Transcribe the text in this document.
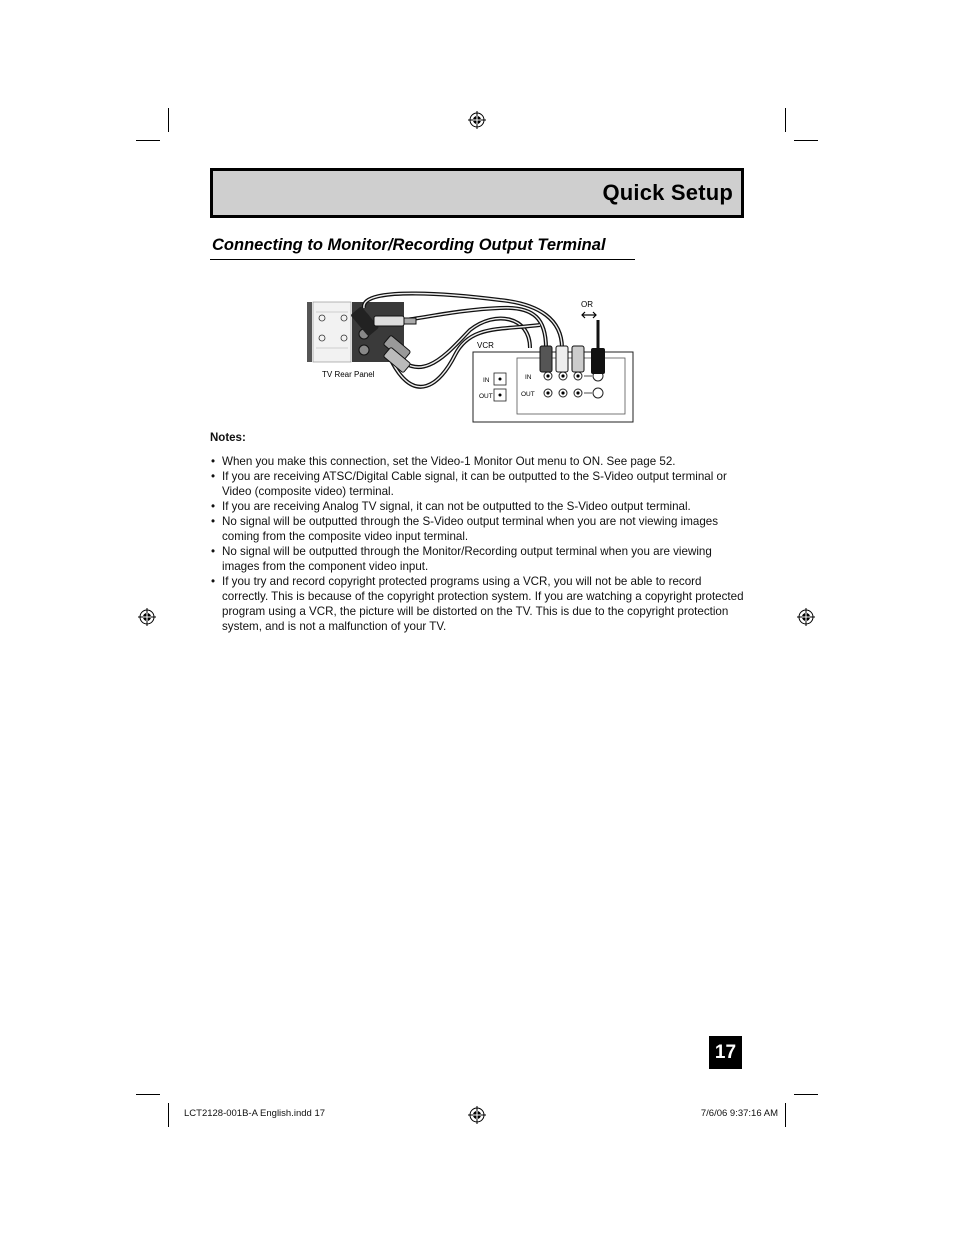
Quick Setup
Connecting to Monitor/Recording Output Terminal
TV Rear Panel
VCR
OR
IN
OUT
IN
OUT
Notes:
• When you make this connection, set the Video-1 Monitor Out menu to ON. See page 52.
• If you are receiving ATSC/Digital Cable signal, it can be outputted to the S-Video output terminal or Video (composite video) terminal.
• If you are receiving Analog TV signal, it can not be outputted to the S-Video output terminal.
• No signal will be outputted through the S-Video output terminal when you are not viewing images coming from the composite video input terminal.
• No signal will be outputted through the Monitor/Recording output terminal when you are viewing images from the component video input.
• If you try and record copyright protected programs using a VCR, you will not be able to record correctly. This is because of the copyright protection system. If you are watching a copyright protected program using a VCR, the picture will be distorted on the TV. This is due to the copyright protection system, and is not a malfunction of your TV.
17
LCT2128-001B-A English.indd 17	7/6/06 9:37:16 AM
